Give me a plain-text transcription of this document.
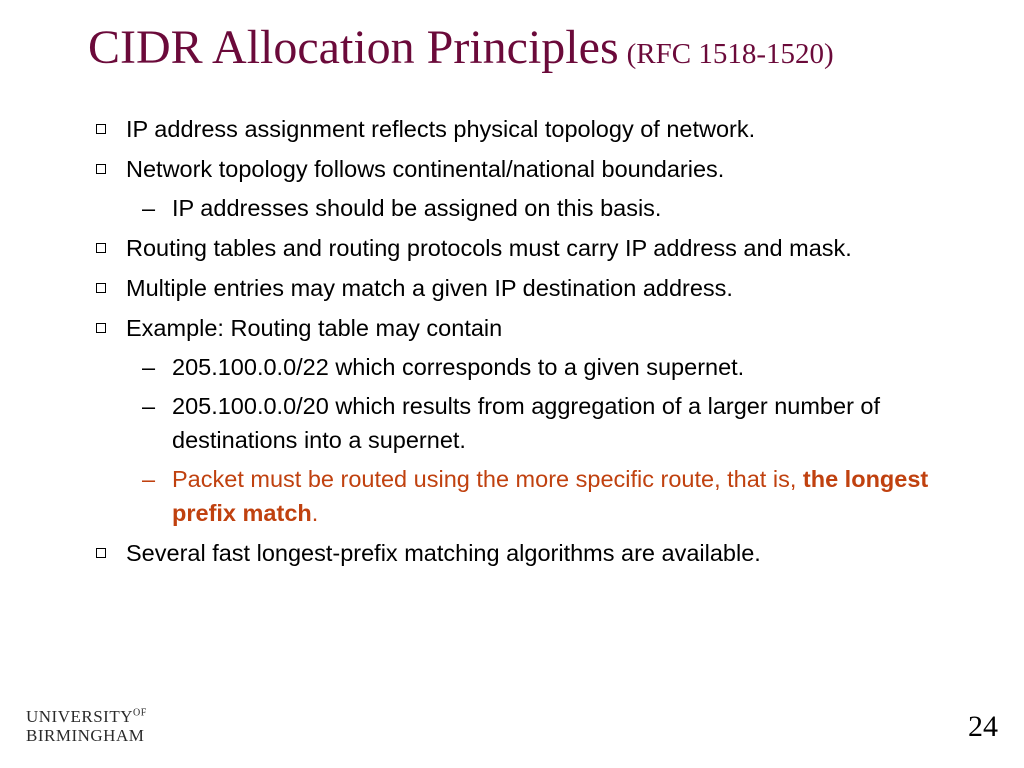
CIDR Allocation Principles (RFC 1518-1520)
IP address assignment reflects physical topology of network.
Network topology follows continental/national boundaries.
– IP addresses should be assigned on this basis.
Routing tables and routing protocols must carry IP address and mask.
Multiple entries may match a given IP destination address.
Example: Routing table may contain
– 205.100.0.0/22 which corresponds to a given supernet.
– 205.100.0.0/20 which results from aggregation of a larger number of destinations into a supernet.
– Packet must be routed using the more specific route, that is, the longest prefix match.
Several fast longest-prefix matching algorithms are available.
$UNIVERSITY^{OF}$
BIRMINGHAM	24
